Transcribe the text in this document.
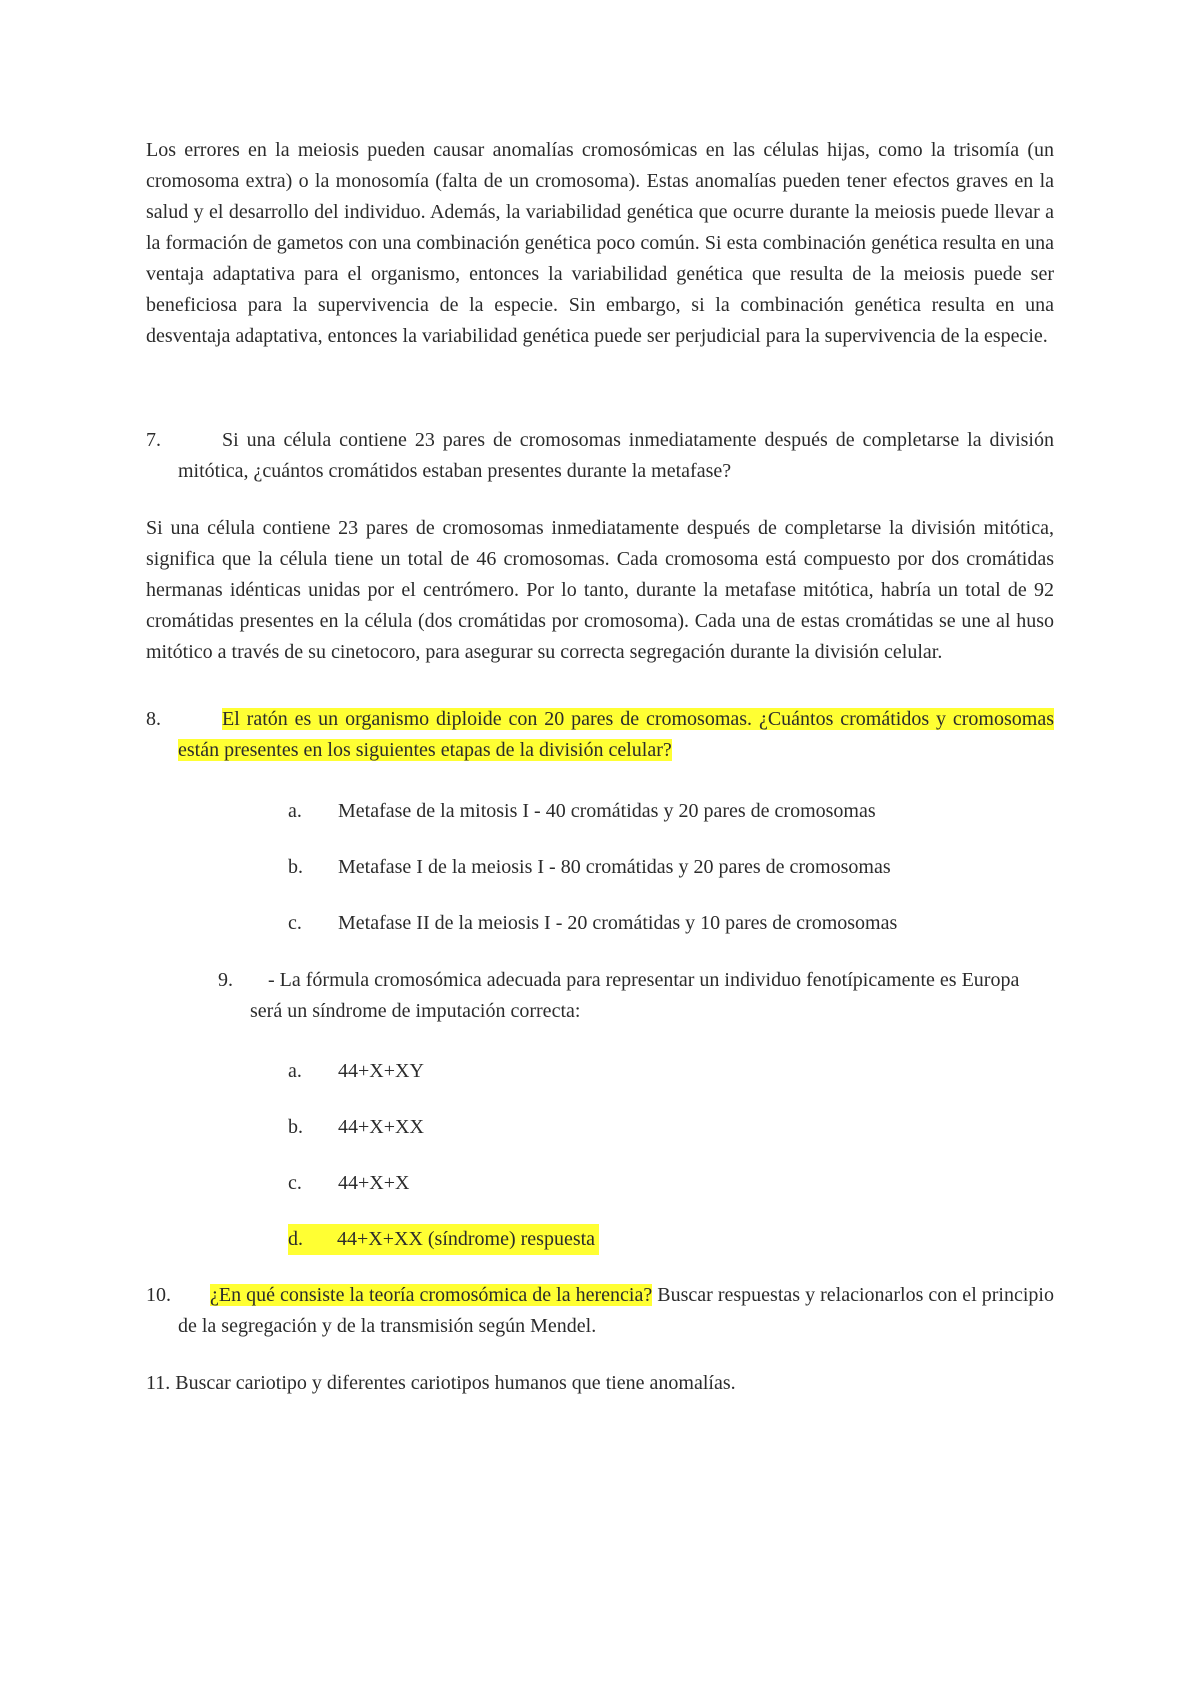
Los errores en la meiosis pueden causar anomalías cromosómicas en las células hijas, como la trisomía (un cromosoma extra) o la monosomía (falta de un cromosoma). Estas anomalías pueden tener efectos graves en la salud y el desarrollo del individuo. Además, la variabilidad genética que ocurre durante la meiosis puede llevar a la formación de gametos con una combinación genética poco común. Si esta combinación genética resulta en una ventaja adaptativa para el organismo, entonces la variabilidad genética que resulta de la meiosis puede ser beneficiosa para la supervivencia de la especie. Sin embargo, si la combinación genética resulta en una desventaja adaptativa, entonces la variabilidad genética puede ser perjudicial para la supervivencia de la especie.

7.	Si una célula contiene 23 pares de cromosomas inmediatamente después de completarse la división mitótica, ¿cuántos cromátidos estaban presentes durante la metafase?

Si una célula contiene 23 pares de cromosomas inmediatamente después de completarse la división mitótica, significa que la célula tiene un total de 46 cromosomas. Cada cromosoma está compuesto por dos cromátidas hermanas idénticas unidas por el centrómero. Por lo tanto, durante la metafase mitótica, habría un total de 92 cromátidas presentes en la célula (dos cromátidas por cromosoma). Cada una de estas cromátidas se une al huso mitótico a través de su cinetocoro, para asegurar su correcta segregación durante la división celular.

8.	El ratón es un organismo diploide con 20 pares de cromosomas. ¿Cuántos cromátidos y cromosomas están presentes en los siguientes etapas de la división celular?
a. Metafase de la mitosis I - 40 cromátidas y 20 pares de cromosomas
b. Metafase I de la meiosis I - 80 cromátidas y 20 pares de cromosomas
c. Metafase II de la meiosis I - 20 cromátidas y 10 pares de cromosomas
9.	- La fórmula cromosómica adecuada para representar un individuo fenotípicamente es Europa será un síndrome de imputación correcta:
a. 44+X+XY
b. 44+X+XX
c. 44+X+X
d. 44+X+XX (síndrome) respuesta
10.	¿En qué consiste la teoría cromosómica de la herencia? Buscar respuestas y relacionarlos con el principio de la segregación y de la transmisión según Mendel.

11. Buscar cariotipo y diferentes cariotipos humanos que tiene anomalías.
